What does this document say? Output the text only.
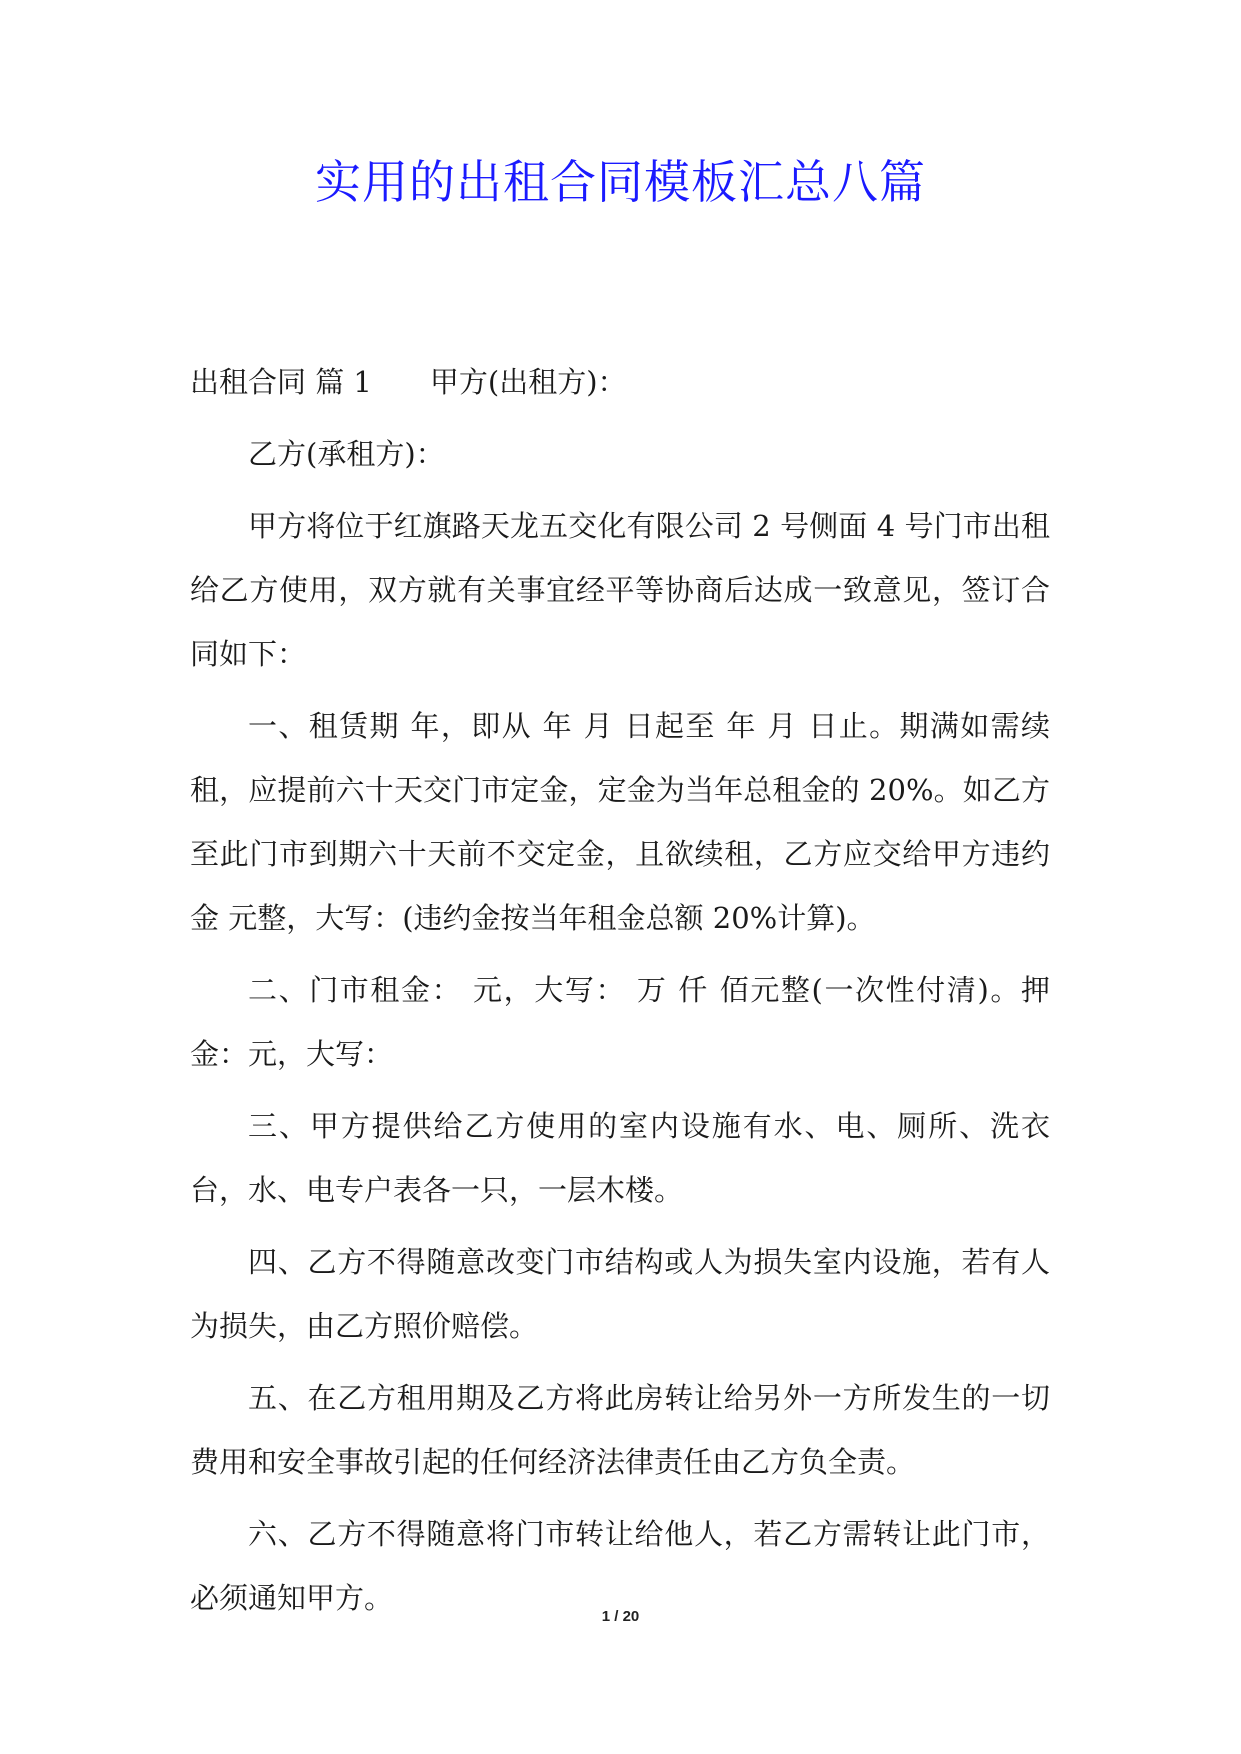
实用的出租合同模板汇总八篇

出租合同 篇 1 甲方(出租方)：

乙方(承租方)：

甲方将位于红旗路天龙五交化有限公司 2 号侧面 4 号门市出租给乙方使用，双方就有关事宜经平等协商后达成一致意见，签订合同如下：

一、租赁期 年，即从 年 月 日起至 年 月 日止。期满如需续租，应提前六十天交门市定金，定金为当年总租金的 20%。如乙方至此门市到期六十天前不交定金，且欲续租，乙方应交给甲方违约金 元整，大写：(违约金按当年租金总额 20%计算)。

二、门市租金： 元，大写： 万 仟 佰元整(一次性付清)。押金：元，大写：

三、甲方提供给乙方使用的室内设施有水、电、厕所、洗衣台，水、电专户表各一只，一层木楼。

四、乙方不得随意改变门市结构或人为损失室内设施，若有人为损失，由乙方照价赔偿。

五、在乙方租用期及乙方将此房转让给另外一方所发生的一切费用和安全事故引起的任何经济法律责任由乙方负全责。

六、乙方不得随意将门市转让给他人，若乙方需转让此门市，必须通知甲方。

1 / 20
